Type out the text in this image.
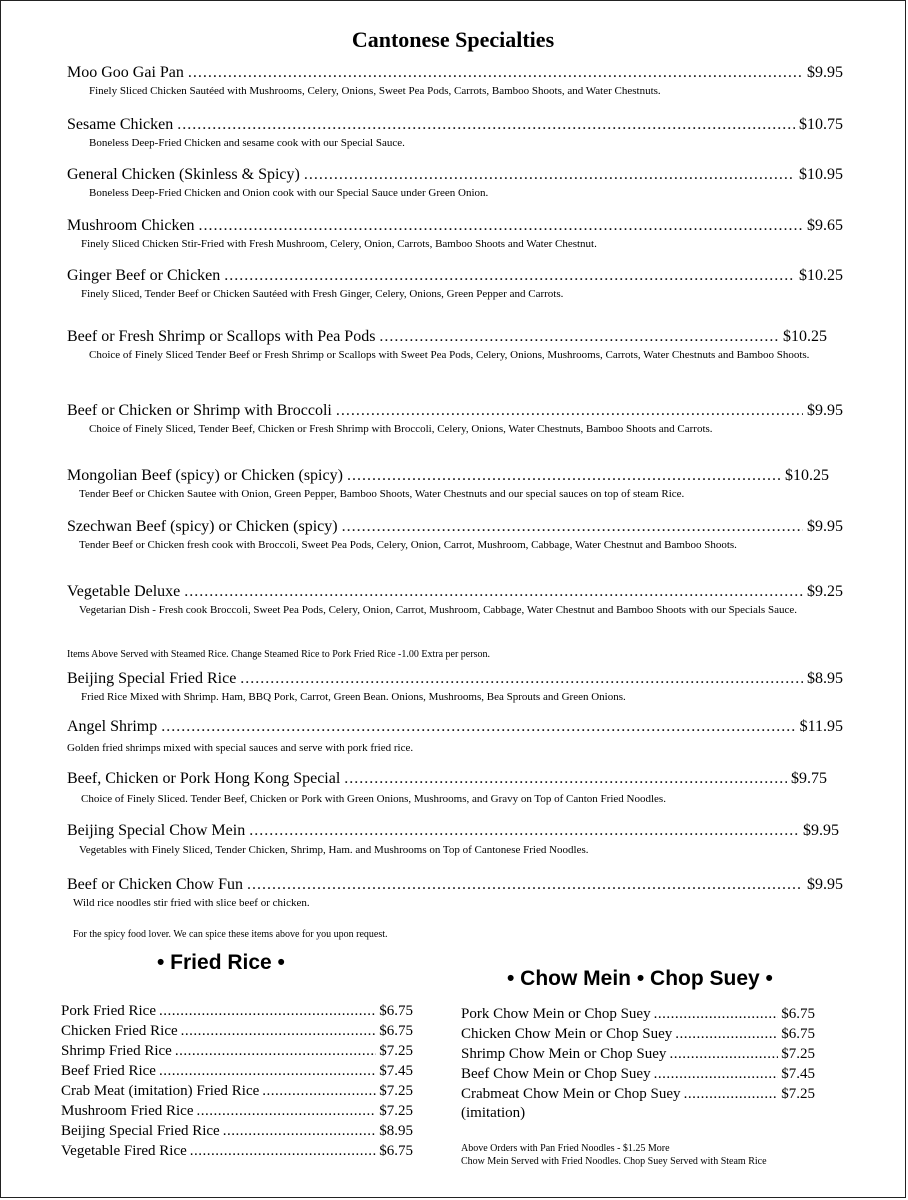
Cantonese Specialties
Moo Goo Gai Pan .....	$9.95
Finely Sliced Chicken Sautéed with Mushrooms, Celery, Onions, Sweet Pea Pods, Carrots, Bamboo Shoots, and Water Chestnuts.
Sesame Chicken .....	$10.75
Boneless Deep-Fried Chicken and sesame cook with our Special Sauce.
General Chicken (Skinless & Spicy) .....	$10.95
Boneless Deep-Fried Chicken and Onion cook with our Special Sauce under Green Onion.
Mushroom Chicken .....	$9.65
Finely Sliced Chicken Stir-Fried with Fresh Mushroom, Celery, Onion, Carrots, Bamboo Shoots and Water Chestnut.
Ginger Beef or Chicken .....	$10.25
Finely Sliced, Tender Beef or Chicken Sautéed with Fresh Ginger, Celery, Onions, Green Pepper and Carrots.
Beef or Fresh Shrimp or Scallops with Pea Pods .....	$10.25
Choice of Finely Sliced Tender Beef or Fresh Shrimp or Scallops with Sweet Pea Pods, Celery, Onions, Mushrooms, Carrots, Water Chestnuts and Bamboo Shoots.
Beef or Chicken or Shrimp with Broccoli .....	$9.95
Choice of Finely Sliced, Tender Beef, Chicken or Fresh Shrimp with Broccoli, Celery, Onions, Water Chestnuts, Bamboo Shoots and Carrots.
Mongolian Beef (spicy) or Chicken (spicy) .....	$10.25
Tender Beef or Chicken Sautee with Onion, Green Pepper, Bamboo Shoots, Water Chestnuts and our special sauces on top of steam Rice.
Szechwan Beef (spicy) or Chicken (spicy) .....	$9.95
Tender Beef or Chicken fresh cook with Broccoli, Sweet Pea Pods, Celery, Onion, Carrot, Mushroom, Cabbage, Water Chestnut and Bamboo Shoots.
Vegetable Deluxe .....	$9.25
Vegetarian Dish - Fresh cook Broccoli, Sweet Pea Pods, Celery, Onion, Carrot, Mushroom, Cabbage, Water Chestnut and Bamboo Shoots with our Specials Sauce.
Items Above Served with Steamed Rice. Change Steamed Rice to Pork Fried Rice -1.00 Extra per person.
Beijing Special Fried Rice .....	$8.95
Fried Rice Mixed with Shrimp. Ham, BBQ Pork, Carrot, Green Bean. Onions, Mushrooms, Bea Sprouts and Green Onions.
Angel Shrimp .....	$11.95
Golden fried shrimps mixed with special sauces and serve with pork fried rice.
Beef, Chicken or Pork Hong Kong Special .....	$9.75
Choice of Finely Sliced. Tender Beef, Chicken or Pork with Green Onions, Mushrooms, and Gravy on Top of Canton Fried Noodles.
Beijing Special Chow Mein .....	$9.95
Vegetables with Finely Sliced, Tender Chicken, Shrimp, Ham. and Mushrooms on Top of Cantonese Fried Noodles.
Beef or Chicken Chow Fun .....	$9.95
Wild rice noodles stir fried with slice beef or chicken.
For the spicy food lover. We can spice these items above for you upon request.
• Fried Rice •
Pork Fried Rice .....	$6.75
Chicken Fried Rice .....	$6.75
Shrimp Fried Rice .....	$7.25
Beef Fried Rice .....	$7.45
Crab Meat (imitation) Fried Rice .....	$7.25
Mushroom Fried Rice .....	$7.25
Beijing Special Fried Rice .....	$8.95
Vegetable Fired Rice .....	$6.75
• Chow Mein • Chop Suey •
Pork Chow Mein or Chop Suey .....	$6.75
Chicken Chow Mein or Chop Suey .....	$6.75
Shrimp Chow Mein or Chop Suey .....	$7.25
Beef Chow Mein or Chop Suey .....	$7.45
Crabmeat Chow Mein or Chop Suey .....	$7.25
(imitation)
Above Orders with Pan Fried Noodles - $1.25 More
Chow Mein Served with Fried Noodles. Chop Suey Served with Steam Rice
